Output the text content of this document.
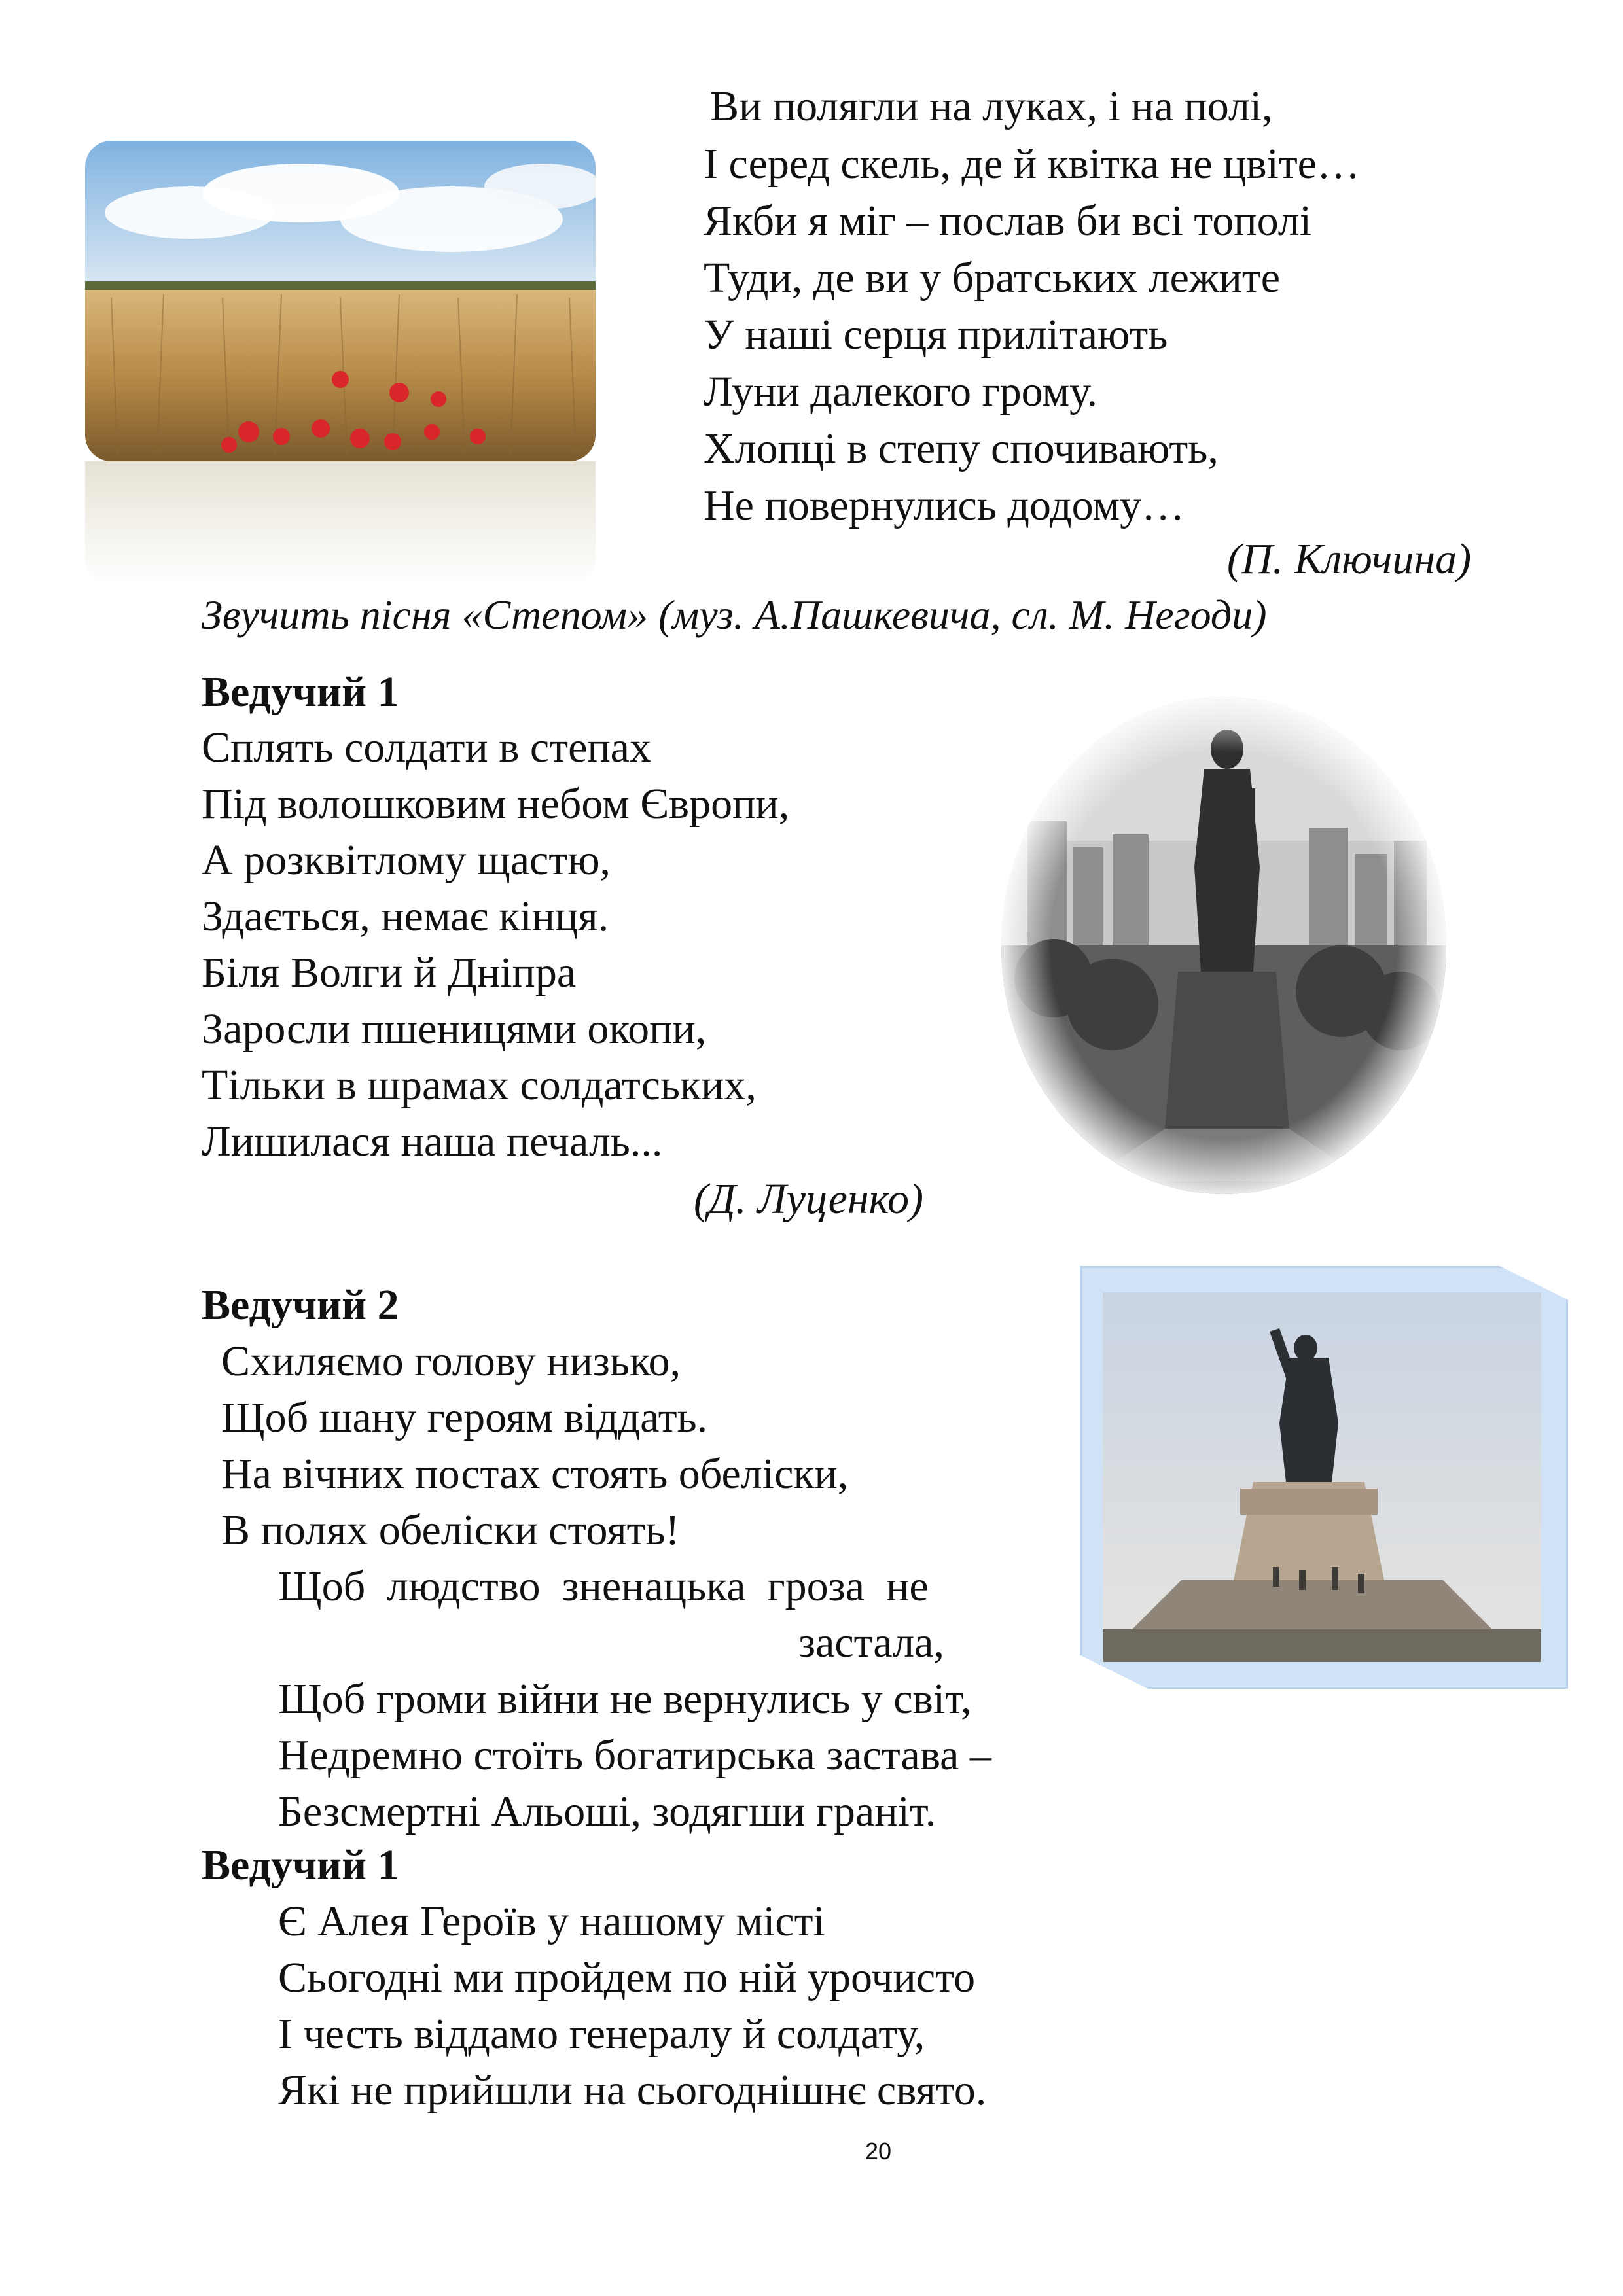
Ви полягли на луках, і на полі,
І серед скель, де й квітка не цвіте…
Якби я міг – послав би всі тополі
Туди, де ви у братських лежите
У наші серця прилітають
Луни далекого грому.
Хлопці в степу спочивають,
Не повернулись додому…
(П. Ключина)
Звучить пісня «Степом» (муз. А.Пашкевича, сл. М. Негоди)
Ведучий 1
Сплять солдати в степах
Під волошковим небом Європи,
А розквітлому щастю,
Здається, немає кінця.
Біля Волги й Дніпра
Заросли пшеницями окопи,
Тільки в шрамах солдатських,
Лишилася наша печаль...
(Д. Луценко)
Ведучий 2
Схиляємо голову низько,
Щоб шану героям віддать.
На вічних постах стоять обеліски,
В полях обеліски стоять!
Щоб  людство  зненацька  гроза  не
застала,
Щоб громи війни не вернулись у світ,
Недремно стоїть богатирська застава –
Безсмертні Альоші, зодягши граніт.
Ведучий 1
Є Алея Героїв у нашому місті
Сьогодні ми пройдем по ній урочисто
І честь віддамо генералу й солдату,
Які не прийшли на сьогоднішнє свято.
20
